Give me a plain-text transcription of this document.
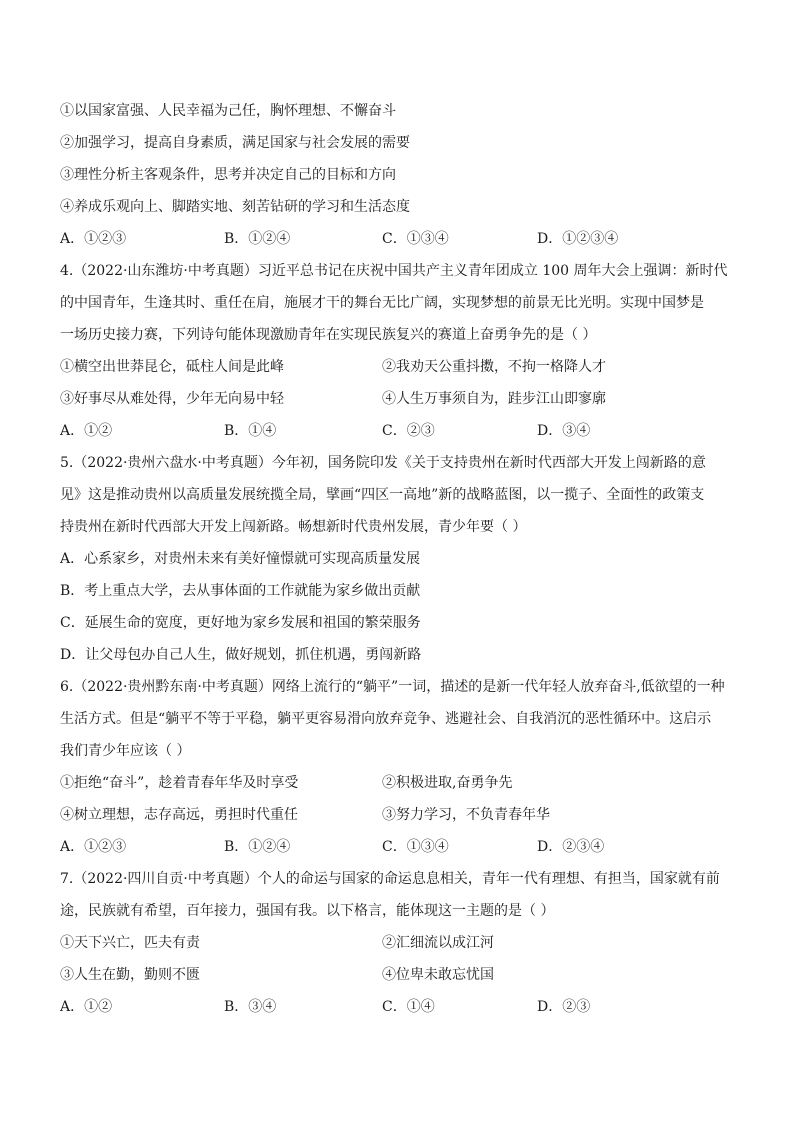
①以国家富强、人民幸福为己任，胸怀理想、不懈奋斗
②加强学习，提高自身素质，满足国家与社会发展的需要
③理性分析主客观条件，思考并决定自己的目标和方向
④养成乐观向上、脚踏实地、刻苦钻研的学习和生活态度
A．①②③	B．①②④	C．①③④	D．①②③④
4.（2022·山东潍坊·中考真题）习近平总书记在庆祝中国共产主义青年团成立 100 周年大会上强调：新时代
的中国青年，生逢其时、重任在肩，施展才干的舞台无比广阔，实现梦想的前景无比光明。实现中国梦是
一场历史接力赛，下列诗句能体现激励青年在实现民族复兴的赛道上奋勇争先的是（ ）
①横空出世莽昆仑，砥柱人间是此峰	②我劝天公重抖擞，不拘一格降人才
③好事尽从难处得，少年无向易中轻	④人生万事须自为，跬步江山即寥廓
A．①②	B．①④	C．②③	D．③④
5.（2022·贵州六盘水·中考真题）今年初，国务院印发《关于支持贵州在新时代西部大开发上闯新路的意
见》这是推动贵州以高质量发展统揽全局，擘画“四区一高地”新的战略蓝图，以一揽子、全面性的政策支
持贵州在新时代西部大开发上闯新路。畅想新时代贵州发展，青少年要（ ）
A．心系家乡，对贵州未来有美好憧憬就可实现高质量发展
B．考上重点大学，去从事体面的工作就能为家乡做出贡献
C．延展生命的宽度，更好地为家乡发展和祖国的繁荣服务
D．让父母包办自己人生，做好规划，抓住机遇，勇闯新路
6.（2022·贵州黔东南·中考真题）网络上流行的“躺平”一词，描述的是新一代年轻人放弃奋斗,低欲望的一种
生活方式。但是“躺平不等于平稳，躺平更容易滑向放弃竞争、逃避社会、自我消沉的恶性循环中。这启示
我们青少年应该（ ）
①拒绝“奋斗”，趁着青春年华及时享受	②积极进取,奋勇争先
④树立理想，志存高远，勇担时代重任	③努力学习，不负青春年华
A．①②③	B．①②④	C．①③④	D．②③④
7.（2022·四川自贡·中考真题）个人的命运与国家的命运息息相关，青年一代有理想、有担当，国家就有前
途，民族就有希望，百年接力，强国有我。以下格言，能体现这一主题的是（ ）
①天下兴亡，匹夫有责	②汇细流以成江河
③人生在勤，勤则不匮	④位卑未敢忘忧国
A．①②	B．③④	C．①④	D．②③
